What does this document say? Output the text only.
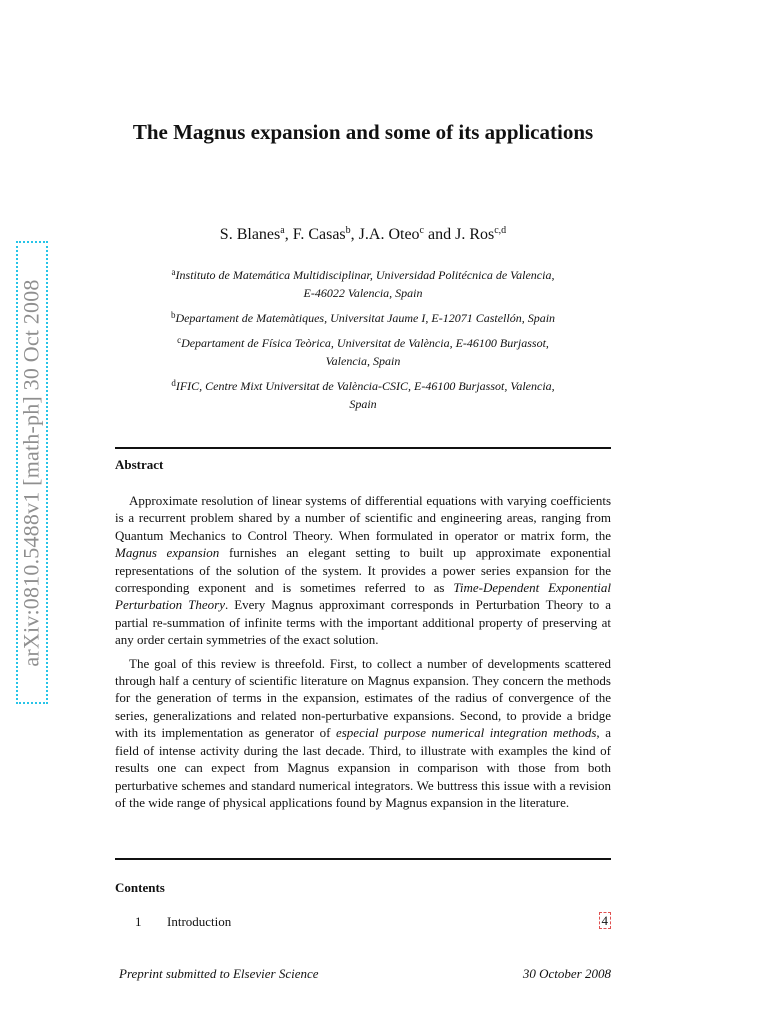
arXiv:0810.5488v1 [math-ph] 30 Oct 2008
The Magnus expansion and some of its applications
S. Blanes$^a$, F. Casas$^b$, J.A. Oteo$^c$ and J. Ros$^{c,d}$

$^a$Instituto de Matemática Multidisciplinar, Universidad Politécnica de Valencia,
E-46022 Valencia, Spain

$^b$Departament de Matemàtiques, Universitat Jaume I, E-12071 Castellón, Spain

$^c$Departament de Física Teòrica, Universitat de València, E-46100 Burjassot,
Valencia, Spain

$^d$IFIC, Centre Mixt Universitat de València-CSIC, E-46100 Burjassot, Valencia,
Spain

Abstract

Approximate resolution of linear systems of differential equations with varying coefficients is a recurrent problem shared by a number of scientific and engineering areas, ranging from Quantum Mechanics to Control Theory. When formulated in operator or matrix form, the Magnus expansion furnishes an elegant setting to built up approximate exponential representations of the solution of the system. It provides a power series expansion for the corresponding exponent and is sometimes referred to as Time-Dependent Exponential Perturbation Theory. Every Magnus approximant corresponds in Perturbation Theory to a partial re-summation of infinite terms with the important additional property of preserving at any order certain symmetries of the exact solution.

The goal of this review is threefold. First, to collect a number of developments scattered through half a century of scientific literature on Magnus expansion. They concern the methods for the generation of terms in the expansion, estimates of the radius of convergence of the series, generalizations and related non-perturbative expansions. Second, to provide a bridge with its implementation as generator of especial purpose numerical integration methods, a field of intense activity during the last decade. Third, to illustrate with examples the kind of results one can expect from Magnus expansion in comparison with those from both perturbative schemes and standard numerical integrators. We buttress this issue with a revision of the wide range of physical applications found by Magnus expansion in the literature.

Contents
1 Introduction	4
Preprint submitted to Elsevier Science	30 October 2008
